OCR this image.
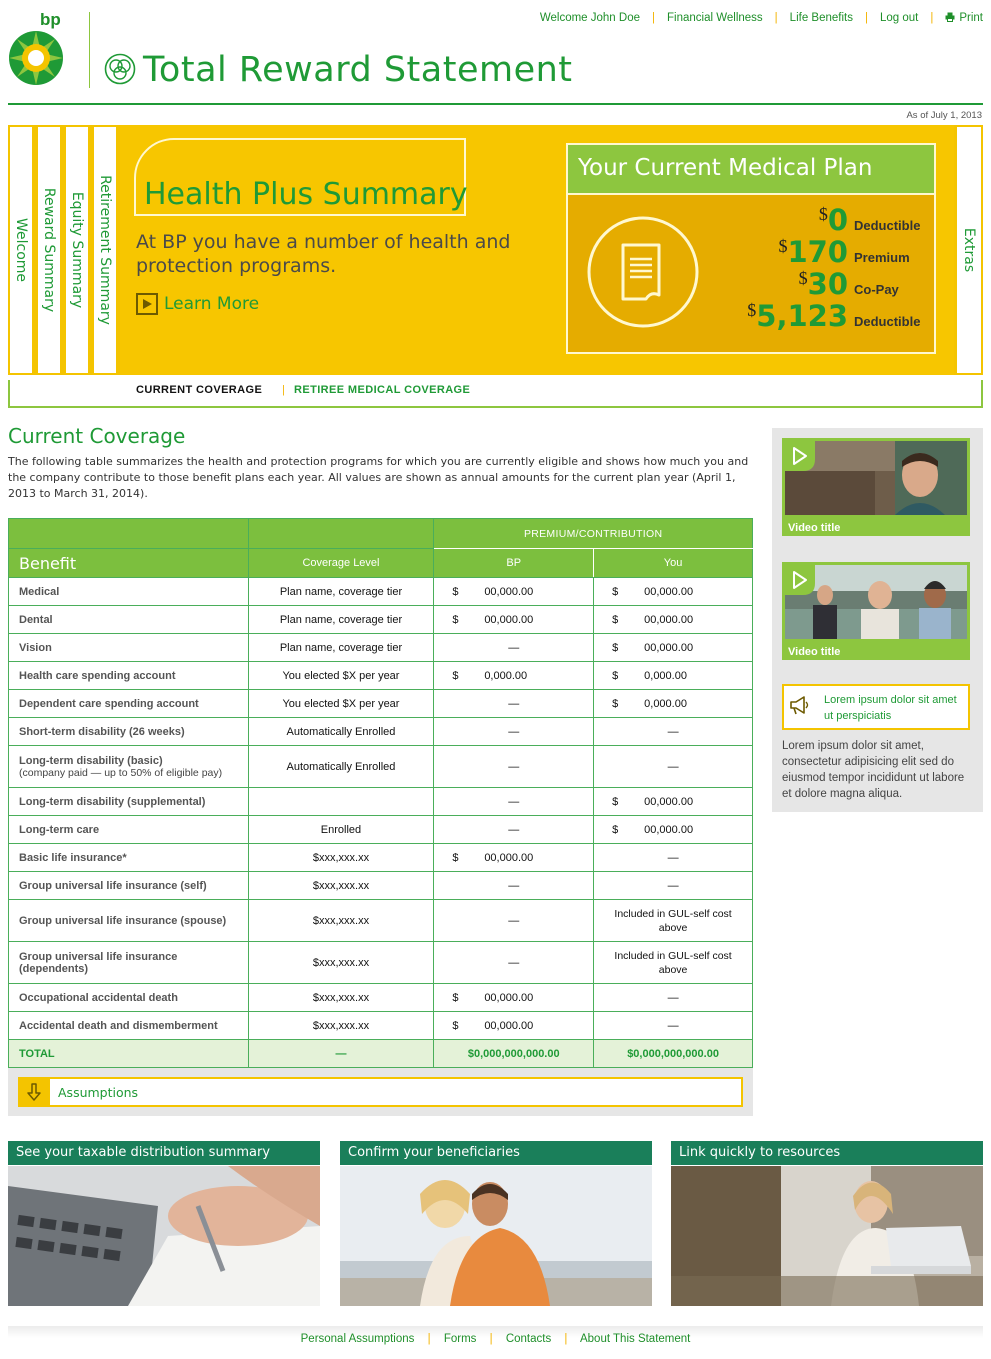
bp
Total Reward Statement
Welcome John Doe | Financial Wellness | Life Benefits | Log out |	Print
As of July 1, 2013
Welcome Reward Summary Equity Summary Retirement Summary Health Plus Summary
At BP you have a number of health and protection programs.
Learn More
Your Current Medical Plan
$0 Deductible
$170 Premium
$30 Co-Pay
$5,123 Deductible
Extras
CURRENT COVERAGE | RETIREE MEDICAL COVERAGE
Current Coverage
The following table summarizes the health and protection programs for which you are currently eligible and shows how much you and the company contribute to those benefit plans each year. All values are shown as annual amounts for the current plan year (April 1, 2013 to March 31, 2014).
		PREMIUM/CONTRIBUTION	
Benefit	Coverage Level	BP	You
Medical	Plan name, coverage tier	$ 00,000.00	$ 00,000.00

Dental	Plan name, coverage tier	$ 00,000.00	$ 00,000.00

Vision	Plan name, coverage tier	—	$ 00,000.00

Health care spending account	You elected $X per year	$ 0,000.00	$ 0,000.00

Dependent care spending account	You elected $X per year	—	$ 0,000.00

Short-term disability (26 weeks)	Automatically Enrolled	—	—

Long-term disability (basic)
(company paid — up to 50% of eligible pay)	Automatically Enrolled	—	—

Long-term disability (supplemental)		—	$ 00,000.00

Long-term care	Enrolled	—	$ 00,000.00

Basic life insurance*	$xxx,xxx.xx	$ 00,000.00	—

Group universal life insurance (self)	$xxx,xxx.xx	—	—

Group universal life insurance (spouse)	$xxx,xxx.xx	—	Included in GUL-self cost above

Group universal life insurance (dependents)	$xxx,xxx.xx	—	Included in GUL-self cost above

Occupational accidental death	$xxx,xxx.xx	$ 00,000.00	—

Accidental death and dismemberment	$xxx,xxx.xx	$ 00,000.00	—

TOTAL	—	$0,000,000,000.00	$0,000,000,000.00
Assumptions
Video title
Video title
Lorem ipsum dolor sit amet ut perspiciatis
Lorem ipsum dolor sit amet, consectetur adipisicing elit sed do eiusmod tempor incididunt ut labore et dolore magna aliqua.
See your taxable distribution summary	Confirm your beneficiaries	Link quickly to resources
Personal Assumptions | Forms | Contacts | About This Statement
